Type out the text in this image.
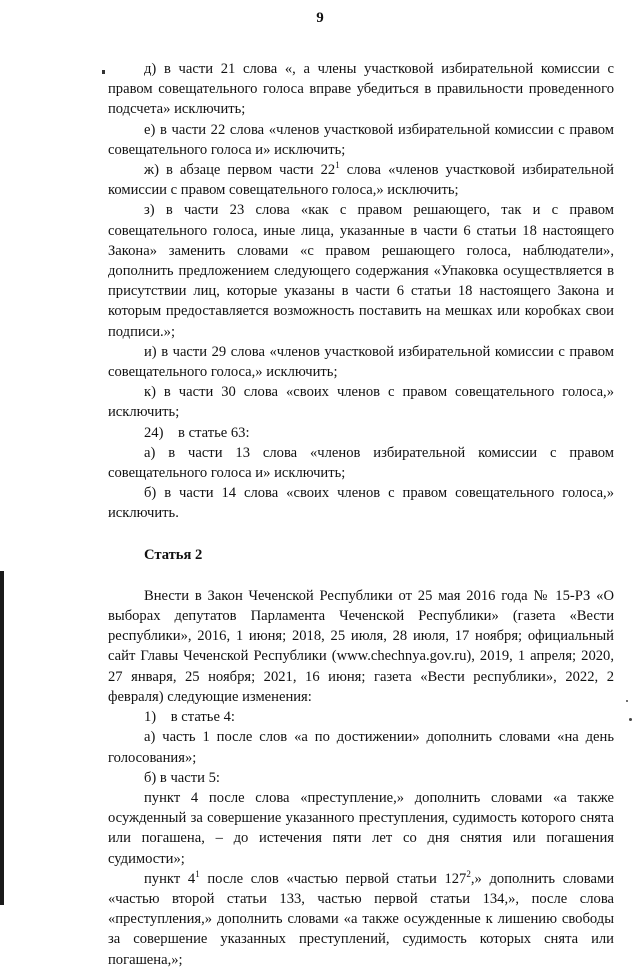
9

д) в части 21 слова «, а члены участковой избирательной комиссии с правом совещательного голоса вправе убедиться в правильности проведенного подсчета» исключить;

е) в части 22 слова «членов участковой избирательной комиссии с правом совещательного голоса и» исключить;

ж) в абзаце первом части $22^1$ слова «членов участковой избирательной комиссии с правом совещательного голоса,» исключить;

з) в части 23 слова «как с правом решающего, так и с правом совещательного голоса, иные лица, указанные в части 6 статьи 18 настоящего Закона» заменить словами «с правом решающего голоса, наблюдатели», дополнить предложением следующего содержания «Упаковка осуществляется в присутствии лиц, которые указаны в части 6 статьи 18 настоящего Закона и которым предоставляется возможность поставить на мешках или коробках свои подписи.»;

и) в части 29 слова «членов участковой избирательной комиссии с правом совещательного голоса,» исключить;

к) в части 30 слова «своих членов с правом совещательного голоса,» исключить;

24) в статье 63:

а) в части 13 слова «членов избирательной комиссии с правом совещательного голоса и» исключить;

б) в части 14 слова «своих членов с правом совещательного голоса,» исключить.

Статья 2

Внести в Закон Чеченской Республики от 25 мая 2016 года № 15-РЗ «О выборах депутатов Парламента Чеченской Республики» (газета «Вести республики», 2016, 1 июня; 2018, 25 июля, 28 июля, 17 ноября; официальный сайт Главы Чеченской Республики (www.chechnya.gov.ru), 2019, 1 апреля; 2020, 27 января, 25 ноября; 2021, 16 июня; газета «Вести республики», 2022, 2 февраля) следующие изменения:

1) в статье 4:

а) часть 1 после слов «а по достижении» дополнить словами «на день голосования»;

б) в части 5:

пункт 4 после слова «преступление,» дополнить словами «а также осужденный за совершение указанного преступления, судимость которого снята или погашена, – до истечения пяти лет со дня снятия или погашения судимости»;

пункт $4^1$ после слов «частью первой статьи $127^2$,» дополнить словами «частью второй статьи 133, частью первой статьи 134,», после слова «преступления,» дополнить словами «а также осужденные к лишению свободы за совершение указанных преступлений, судимость которых снята или погашена,»;
